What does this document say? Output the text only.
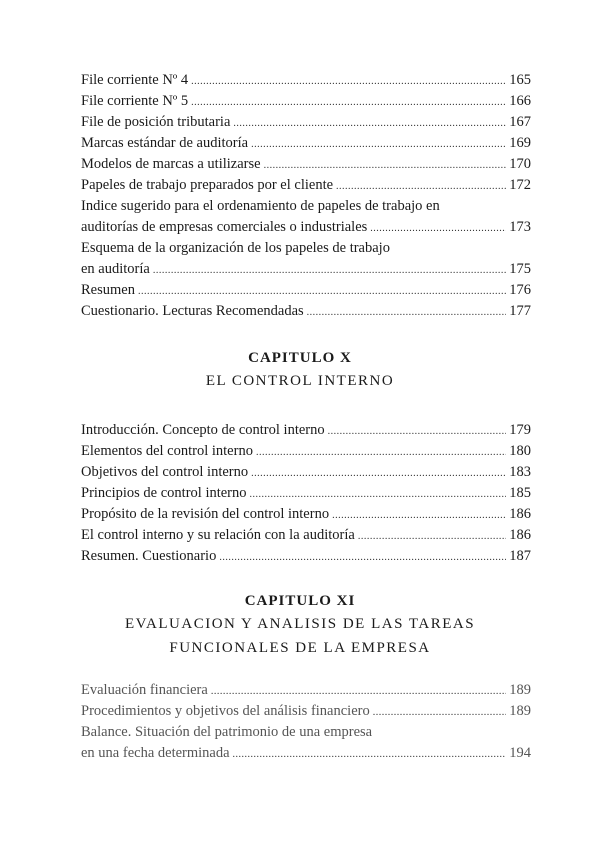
File corriente Nº 4 .....	165
File corriente Nº 5 .....	166
File de posición tributaria .....	167
Marcas estándar de auditoría .....	169
Modelos de marcas a utilizarse .....	170
Papeles de trabajo preparados por el cliente .....	172
Indice sugerido para el ordenamiento de papeles de trabajo en
auditorías de empresas comerciales o industriales .....	173
Esquema de la organización de los papeles de trabajo
en auditoría .....	175
Resumen .....	176
Cuestionario. Lecturas Recomendadas .....	177
CAPITULO X
EL CONTROL INTERNO
Introducción. Concepto de control interno .....	179
Elementos del control interno .....	180
Objetivos del control interno .....	183
Principios de control interno .....	185
Propósito de la revisión del control interno .....	186
El control interno y su relación con la auditoría .....	186
Resumen. Cuestionario .....	187
CAPITULO XI
EVALUACION Y ANALISIS DE LAS TAREAS
FUNCIONALES DE LA EMPRESA
Evaluación financiera .....	189
Procedimientos y objetivos del análisis financiero .....	189
Balance. Situación del patrimonio de una empresa
en una fecha determinada .....	194
